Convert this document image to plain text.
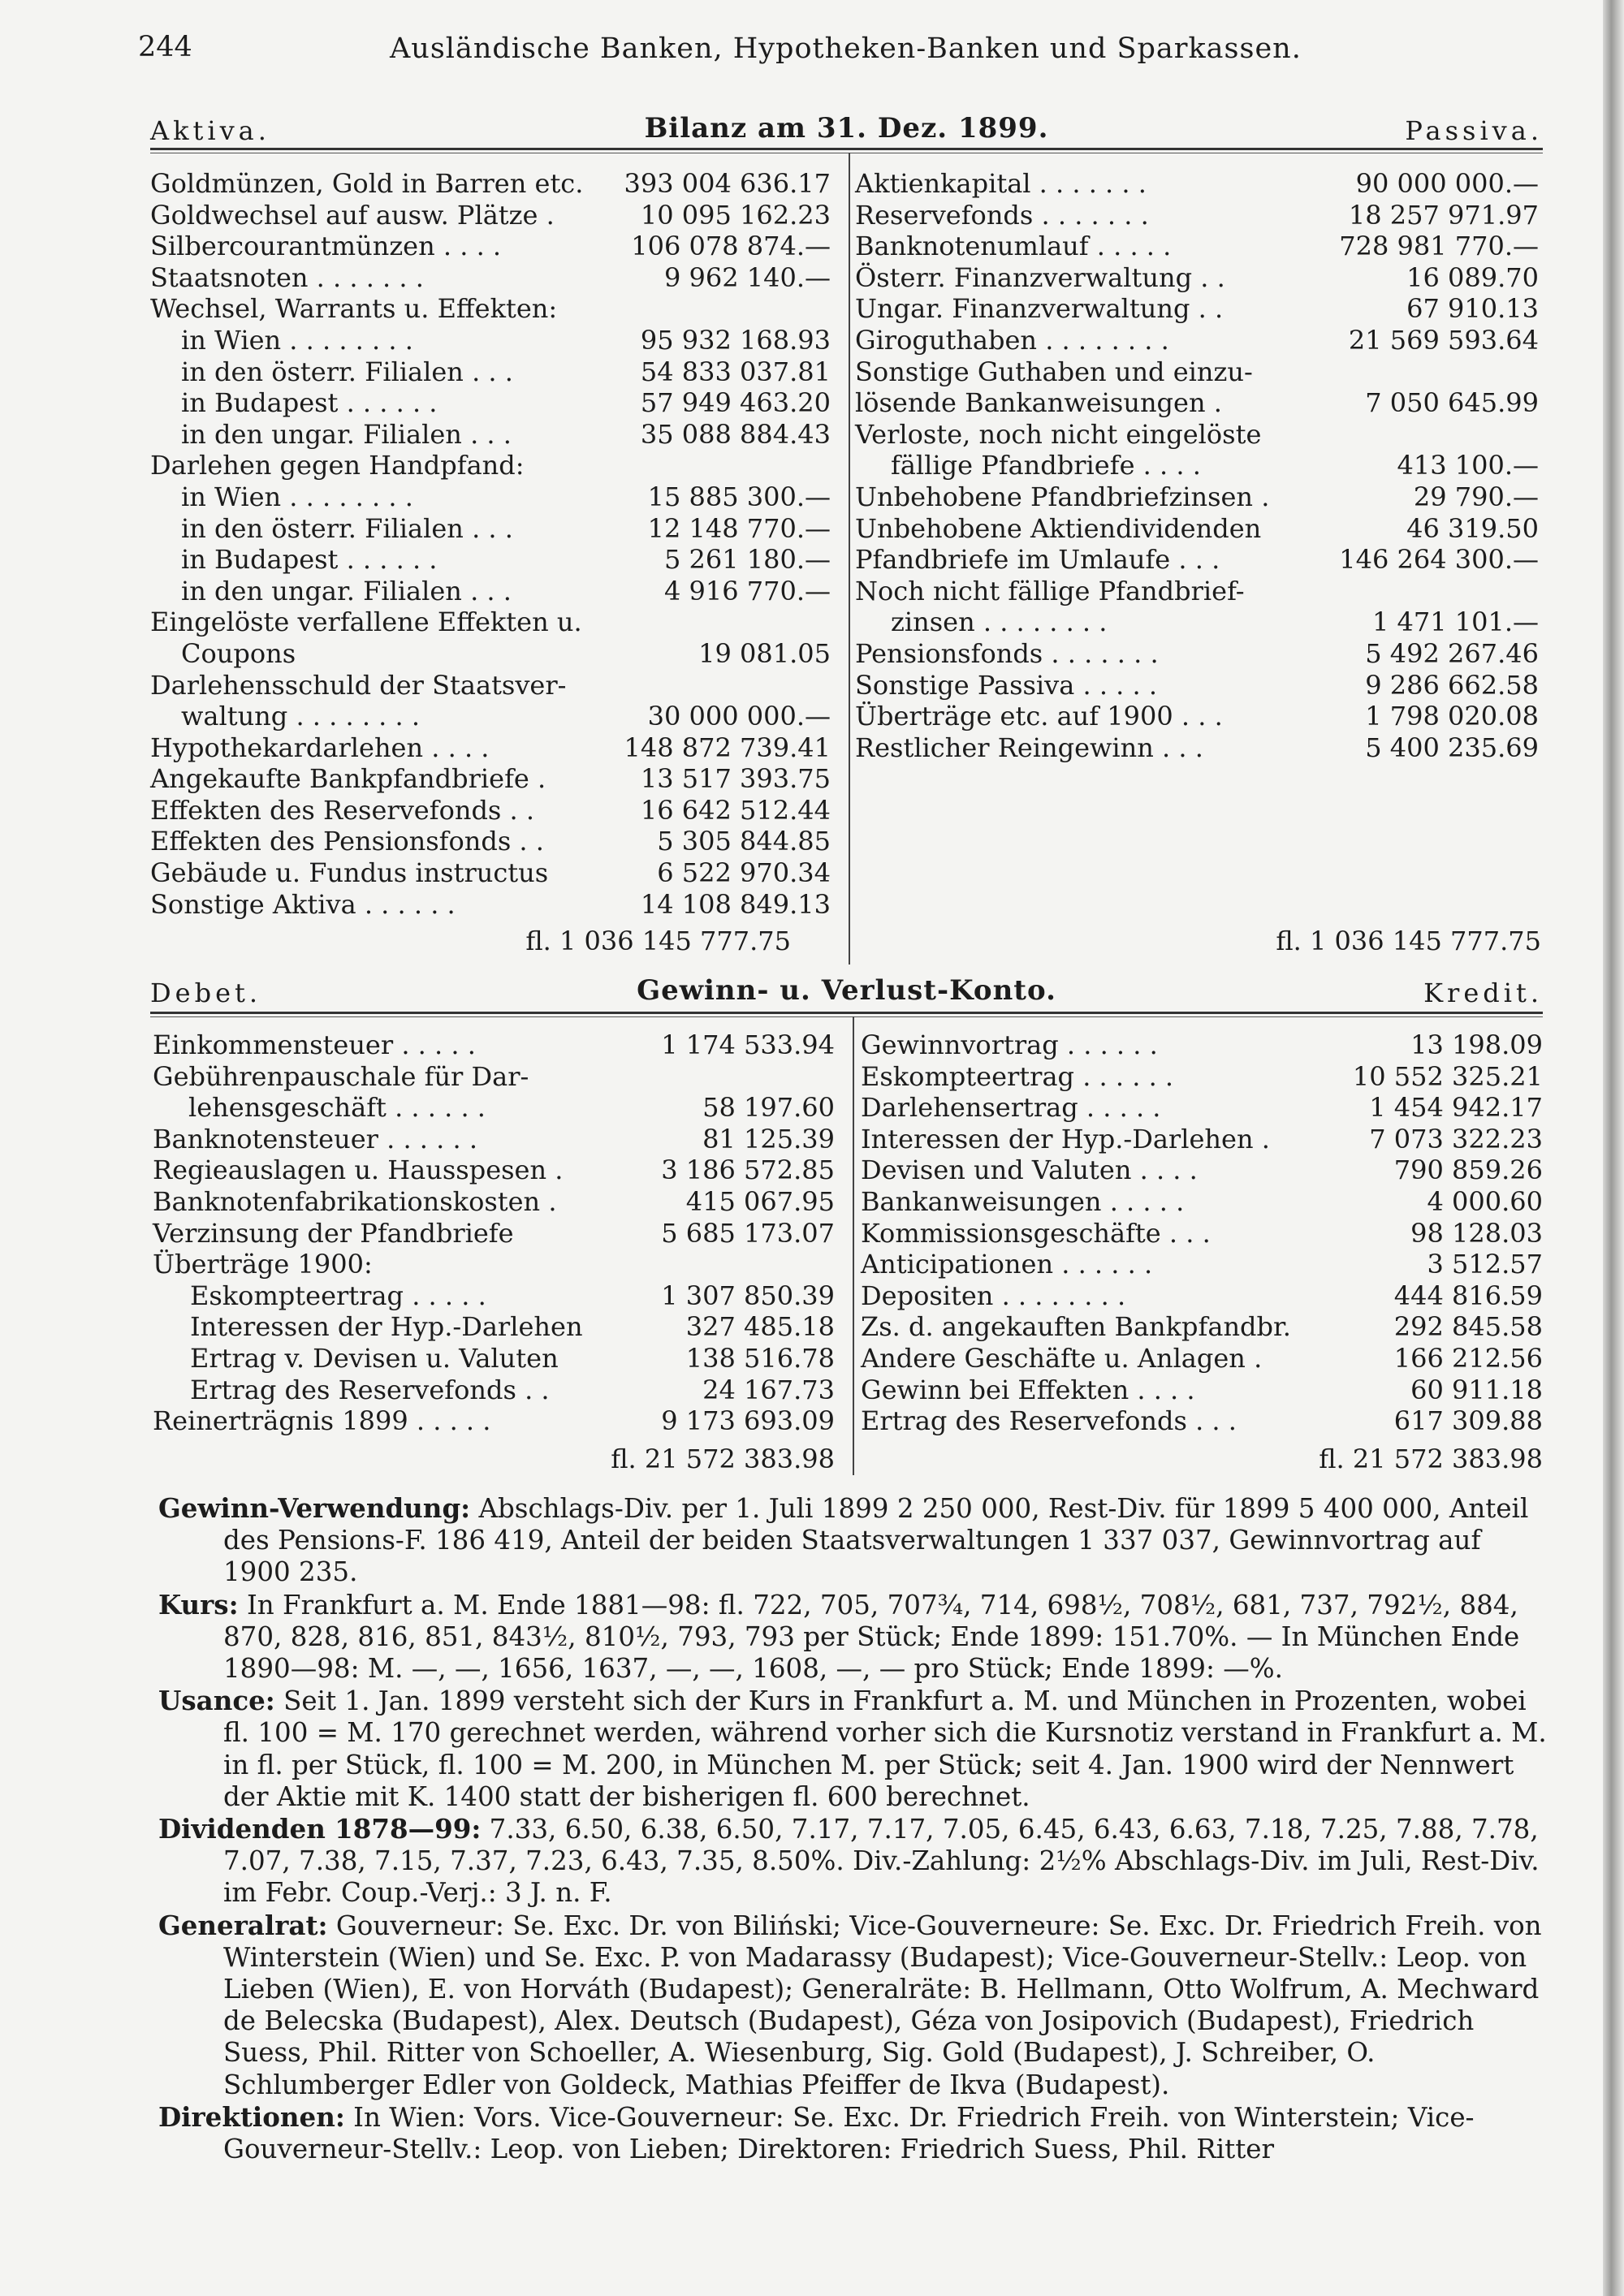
244	Ausländische Banken, Hypotheken-Banken und Sparkassen.
Aktiva.	Bilanz am 31. Dez. 1899.	Passiva.
Goldmünzen, Gold in Barren etc. 393 004 636.17
Goldwechsel auf ausw. Plätze .	10 095 162.23
Silbercourantmünzen . . . .	106 078 874.—
Staatsnoten . . . . . . .	9 962 140.—
Wechsel, Warrants u. Effekten:
in Wien . . . . . . . .	95 932 168.93
in den österr. Filialen . . .	54 833 037.81
in Budapest . . . . . .	57 949 463.20
in den ungar. Filialen . . .	35 088 884.43
Darlehen gegen Handpfand:
in Wien . . . . . . . .	15 885 300.—
in den österr. Filialen . . .	12 148 770.—
in Budapest . . . . . .	5 261 180.—
in den ungar. Filialen . . .	4 916 770.—
Eingelöste verfallene Effekten u.
Coupons	19 081.05
Darlehensschuld der Staatsver-
waltung . . . . . . . .	30 000 000.—
Hypothekardarlehen . . . .	148 872 739.41
Angekaufte Bankpfandbriefe .	13 517 393.75
Effekten des Reservefonds . .	16 642 512.44
Effekten des Pensionsfonds . .	5 305 844.85
Gebäude u. Fundus instructus	6 522 970.34
Sonstige Aktiva . . . . . .	14 108 849.13
Aktienkapital . . . . . . .	90 000 000.—
Reservefonds . . . . . . .	18 257 971.97
Banknotenumlauf . . . . .	728 981 770.—
Österr. Finanzverwaltung . .	16 089.70
Ungar. Finanzverwaltung . .	67 910.13
Giroguthaben . . . . . . . .	21 569 593.64
Sonstige Guthaben und einzu-
lösende Bankanweisungen .	7 050 645.99
Verloste, noch nicht eingelöste
fällige Pfandbriefe . . . .	413 100.—
Unbehobene Pfandbriefzinsen .	29 790.—
Unbehobene Aktiendividenden	46 319.50
Pfandbriefe im Umlaufe . . .	146 264 300.—
Noch nicht fällige Pfandbrief-
zinsen . . . . . . . .	1 471 101.—
Pensionsfonds . . . . . . .	5 492 267.46
Sonstige Passiva . . . . .	9 286 662.58
Überträge etc. auf 1900 . . .	1 798 020.08
Restlicher Reingewinn . . .	5 400 235.69
fl. 1 036 145 777.75	fl. 1 036 145 777.75
Debet.	Gewinn- u. Verlust-Konto.	Kredit.
Einkommensteuer . . . . .	1 174 533.94
Gebührenpauschale für Dar-
lehensgeschäft . . . . . .	58 197.60
Banknotensteuer . . . . . .	81 125.39
Regieauslagen u. Hausspesen .	3 186 572.85
Banknotenfabrikationskosten .	415 067.95
Verzinsung der Pfandbriefe	5 685 173.07
Überträge 1900:
Eskompteertrag . . . . .	1 307 850.39
Interessen der Hyp.-Darlehen	327 485.18
Ertrag v. Devisen u. Valuten	138 516.78
Ertrag des Reservefonds . .	24 167.73
Reinerträgnis 1899 . . . . .	9 173 693.09
Gewinnvortrag . . . . . .	13 198.09
Eskompteertrag . . . . . .	10 552 325.21
Darlehensertrag . . . . .	1 454 942.17
Interessen der Hyp.-Darlehen .	7 073 322.23
Devisen und Valuten . . . .	790 859.26
Bankanweisungen . . . . .	4 000.60
Kommissionsgeschäfte . . .	98 128.03
Anticipationen . . . . . .	3 512.57
Depositen . . . . . . . .	444 816.59
Zs. d. angekauften Bankpfandbr.	292 845.58
Andere Geschäfte u. Anlagen .	166 212.56
Gewinn bei Effekten . . . .	60 911.18
Ertrag des Reservefonds . . .	617 309.88
fl. 21 572 383.98	fl. 21 572 383.98

Gewinn-Verwendung: Abschlags-Div. per 1. Juli 1899 2 250 000, Rest-Div. für 1899 5 400 000, Anteil des Pensions-F. 186 419, Anteil der beiden Staatsverwaltungen 1 337 037, Gewinnvortrag auf 1900 235.

Kurs: In Frankfurt a. M. Ende 1881—98: fl. 722, 705, 707¾, 714, 698½, 708½, 681, 737, 792½, 884, 870, 828, 816, 851, 843½, 810½, 793, 793 per Stück; Ende 1899: 151.70%. — In München Ende 1890—98: M. —, —, 1656, 1637, —, —, 1608, —, — pro Stück; Ende 1899: —%.

Usance: Seit 1. Jan. 1899 versteht sich der Kurs in Frankfurt a. M. und München in Prozenten, wobei fl. 100 = M. 170 gerechnet werden, während vorher sich die Kursnotiz verstand in Frankfurt a. M. in fl. per Stück, fl. 100 = M. 200, in München M. per Stück; seit 4. Jan. 1900 wird der Nennwert der Aktie mit K. 1400 statt der bisherigen fl. 600 berechnet.

Dividenden 1878—99: 7.33, 6.50, 6.38, 6.50, 7.17, 7.17, 7.05, 6.45, 6.43, 6.63, 7.18, 7.25, 7.88, 7.78, 7.07, 7.38, 7.15, 7.37, 7.23, 6.43, 7.35, 8.50%. Div.-Zahlung: 2½% Abschlags-Div. im Juli, Rest-Div. im Febr. Coup.-Verj.: 3 J. n. F.

Generalrat: Gouverneur: Se. Exc. Dr. von Biliński; Vice-Gouverneure: Se. Exc. Dr. Friedrich Freih. von Winterstein (Wien) und Se. Exc. P. von Madarassy (Budapest); Vice-Gouverneur-Stellv.: Leop. von Lieben (Wien), E. von Horváth (Budapest); Generalräte: B. Hellmann, Otto Wolfrum, A. Mechward de Belecska (Budapest), Alex. Deutsch (Budapest), Géza von Josipovich (Budapest), Friedrich Suess, Phil. Ritter von Schoeller, A. Wiesenburg, Sig. Gold (Budapest), J. Schreiber, O. Schlumberger Edler von Goldeck, Mathias Pfeiffer de Ikva (Budapest).

Direktionen: In Wien: Vors. Vice-Gouverneur: Se. Exc. Dr. Friedrich Freih. von Winterstein; Vice-Gouverneur-Stellv.: Leop. von Lieben; Direktoren: Friedrich Suess, Phil. Ritter
